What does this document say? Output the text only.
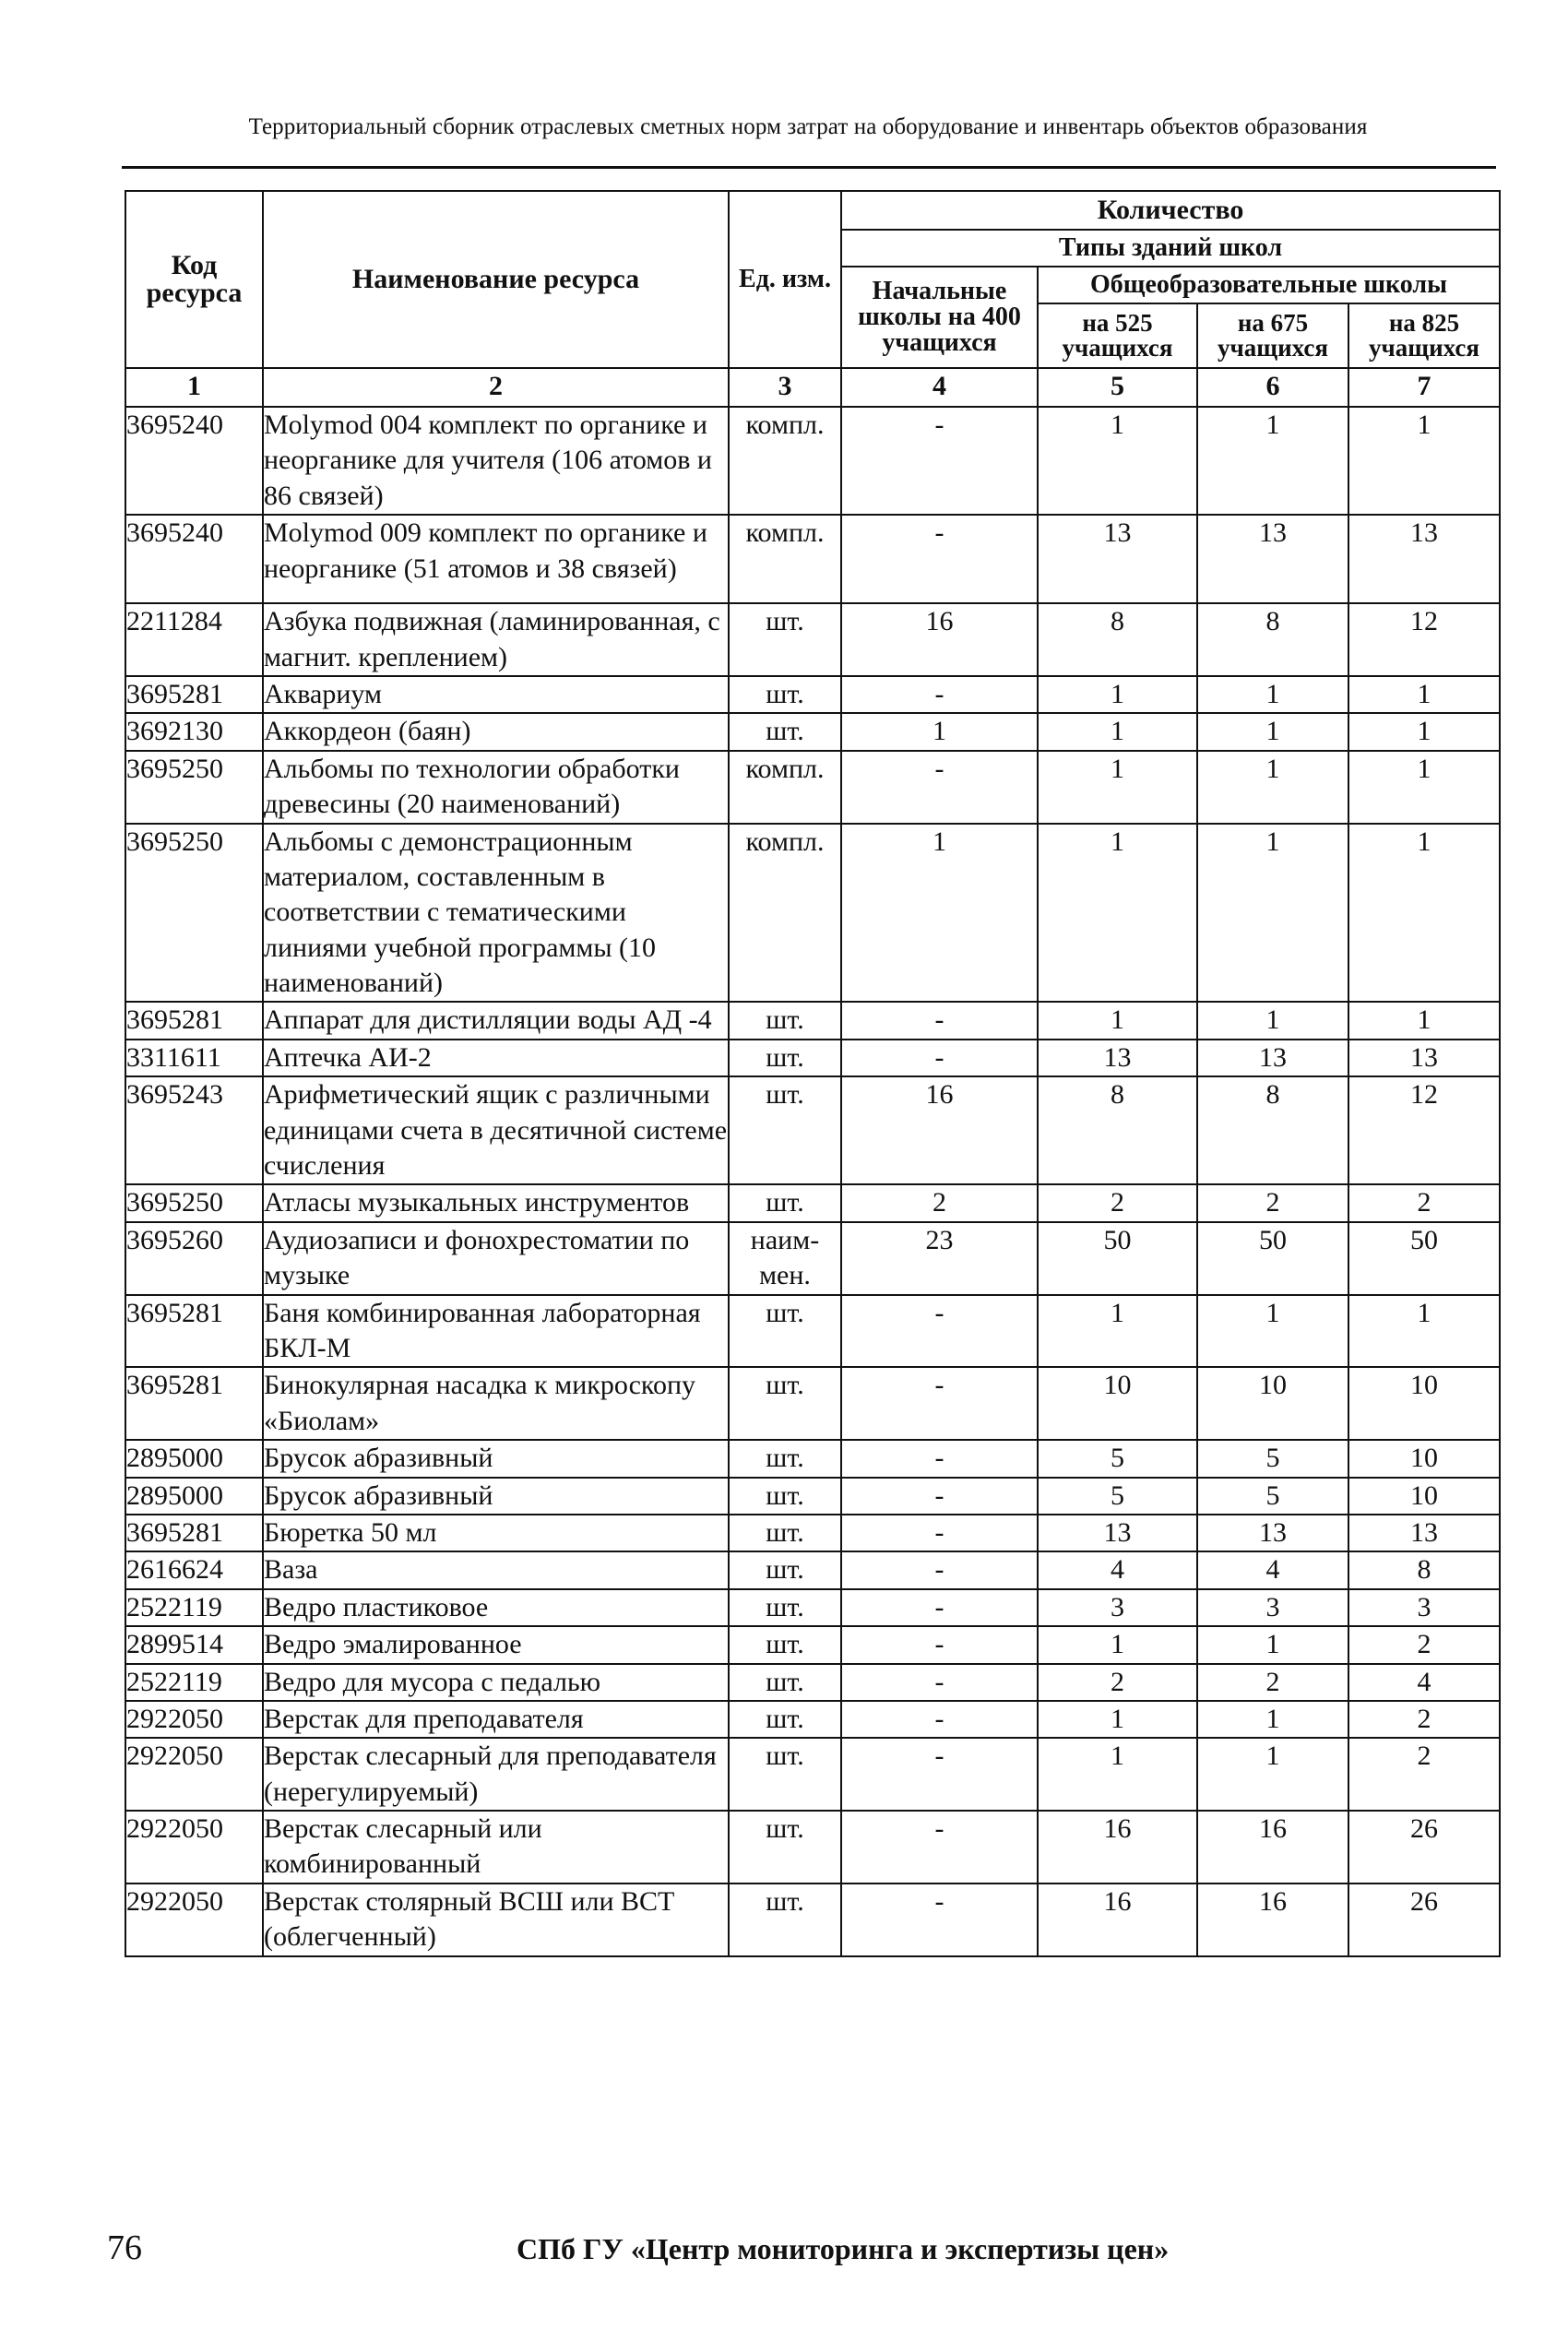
Территориальный сборник отраслевых сметных норм затрат на оборудование и инвентарь объектов образования
Код ресурса	Наименование ресурса	Ед. изм.	Количество			
			Типы зданий школ			
			Начальные школы на 400 учащихся	Общеобразовательные школы		
				на 525 учащихся	на 675 учащихся	на 825 учащихся
1	2	3	4	5	6	7
3695240	Molymod 004 комплект по органике и неорганике для учителя (106 атомов и 86 связей)	компл.	-	1	1	1
3695240	Molymod 009 комплект по органике и неорганике (51 атомов и 38 связей)	компл.	-	13	13	13
2211284	Азбука подвижная (ламинированная, с магнит. креплением)	шт.	16	8	8	12
3695281	Аквариум	шт.	-	1	1	1
3692130	Аккордеон (баян)	шт.	1	1	1	1
3695250	Альбомы по технологии обработки древесины (20 наименований)	компл.	-	1	1	1
3695250	Альбомы с демонстрационным материалом, составленным в соответствии с тематическими линиями учебной программы (10 наименований)	компл.	1	1	1	1
3695281	Аппарат для дистилляции воды АД -4	шт.	-	1	1	1
3311611	Аптечка АИ-2	шт.	-	13	13	13
3695243	Арифметический ящик с различными единицами счета в десятичной системе счисления	шт.	16	8	8	12
3695250	Атласы музыкальных инструментов	шт.	2	2	2	2
3695260	Аудиозаписи и фонохрестоматии по музыке	наим- мен.	23	50	50	50
3695281	Баня комбинированная лабораторная БКЛ-М	шт.	-	1	1	1
3695281	Бинокулярная насадка к микроскопу «Биолам»	шт.	-	10	10	10
2895000	Брусок абразивный	шт.	-	5	5	10
2895000	Брусок абразивный	шт.	-	5	5	10
3695281	Бюретка 50 мл	шт.	-	13	13	13
2616624	Ваза	шт.	-	4	4	8
2522119	Ведро пластиковое	шт.	-	3	3	3
2899514	Ведро эмалированное	шт.	-	1	1	2
2522119	Ведро для мусора с педалью	шт.	-	2	2	4
2922050	Верстак для преподавателя	шт.	-	1	1	2
2922050	Верстак слесарный для преподавателя (нерегулируемый)	шт.	-	1	1	2
2922050	Верстак слесарный или комбинированный	шт.	-	16	16	26
2922050	Верстак столярный ВСШ или ВСТ (облегченный)	шт.	-	16	16	26
76	СПб ГУ «Центр мониторинга и экспертизы цен»
